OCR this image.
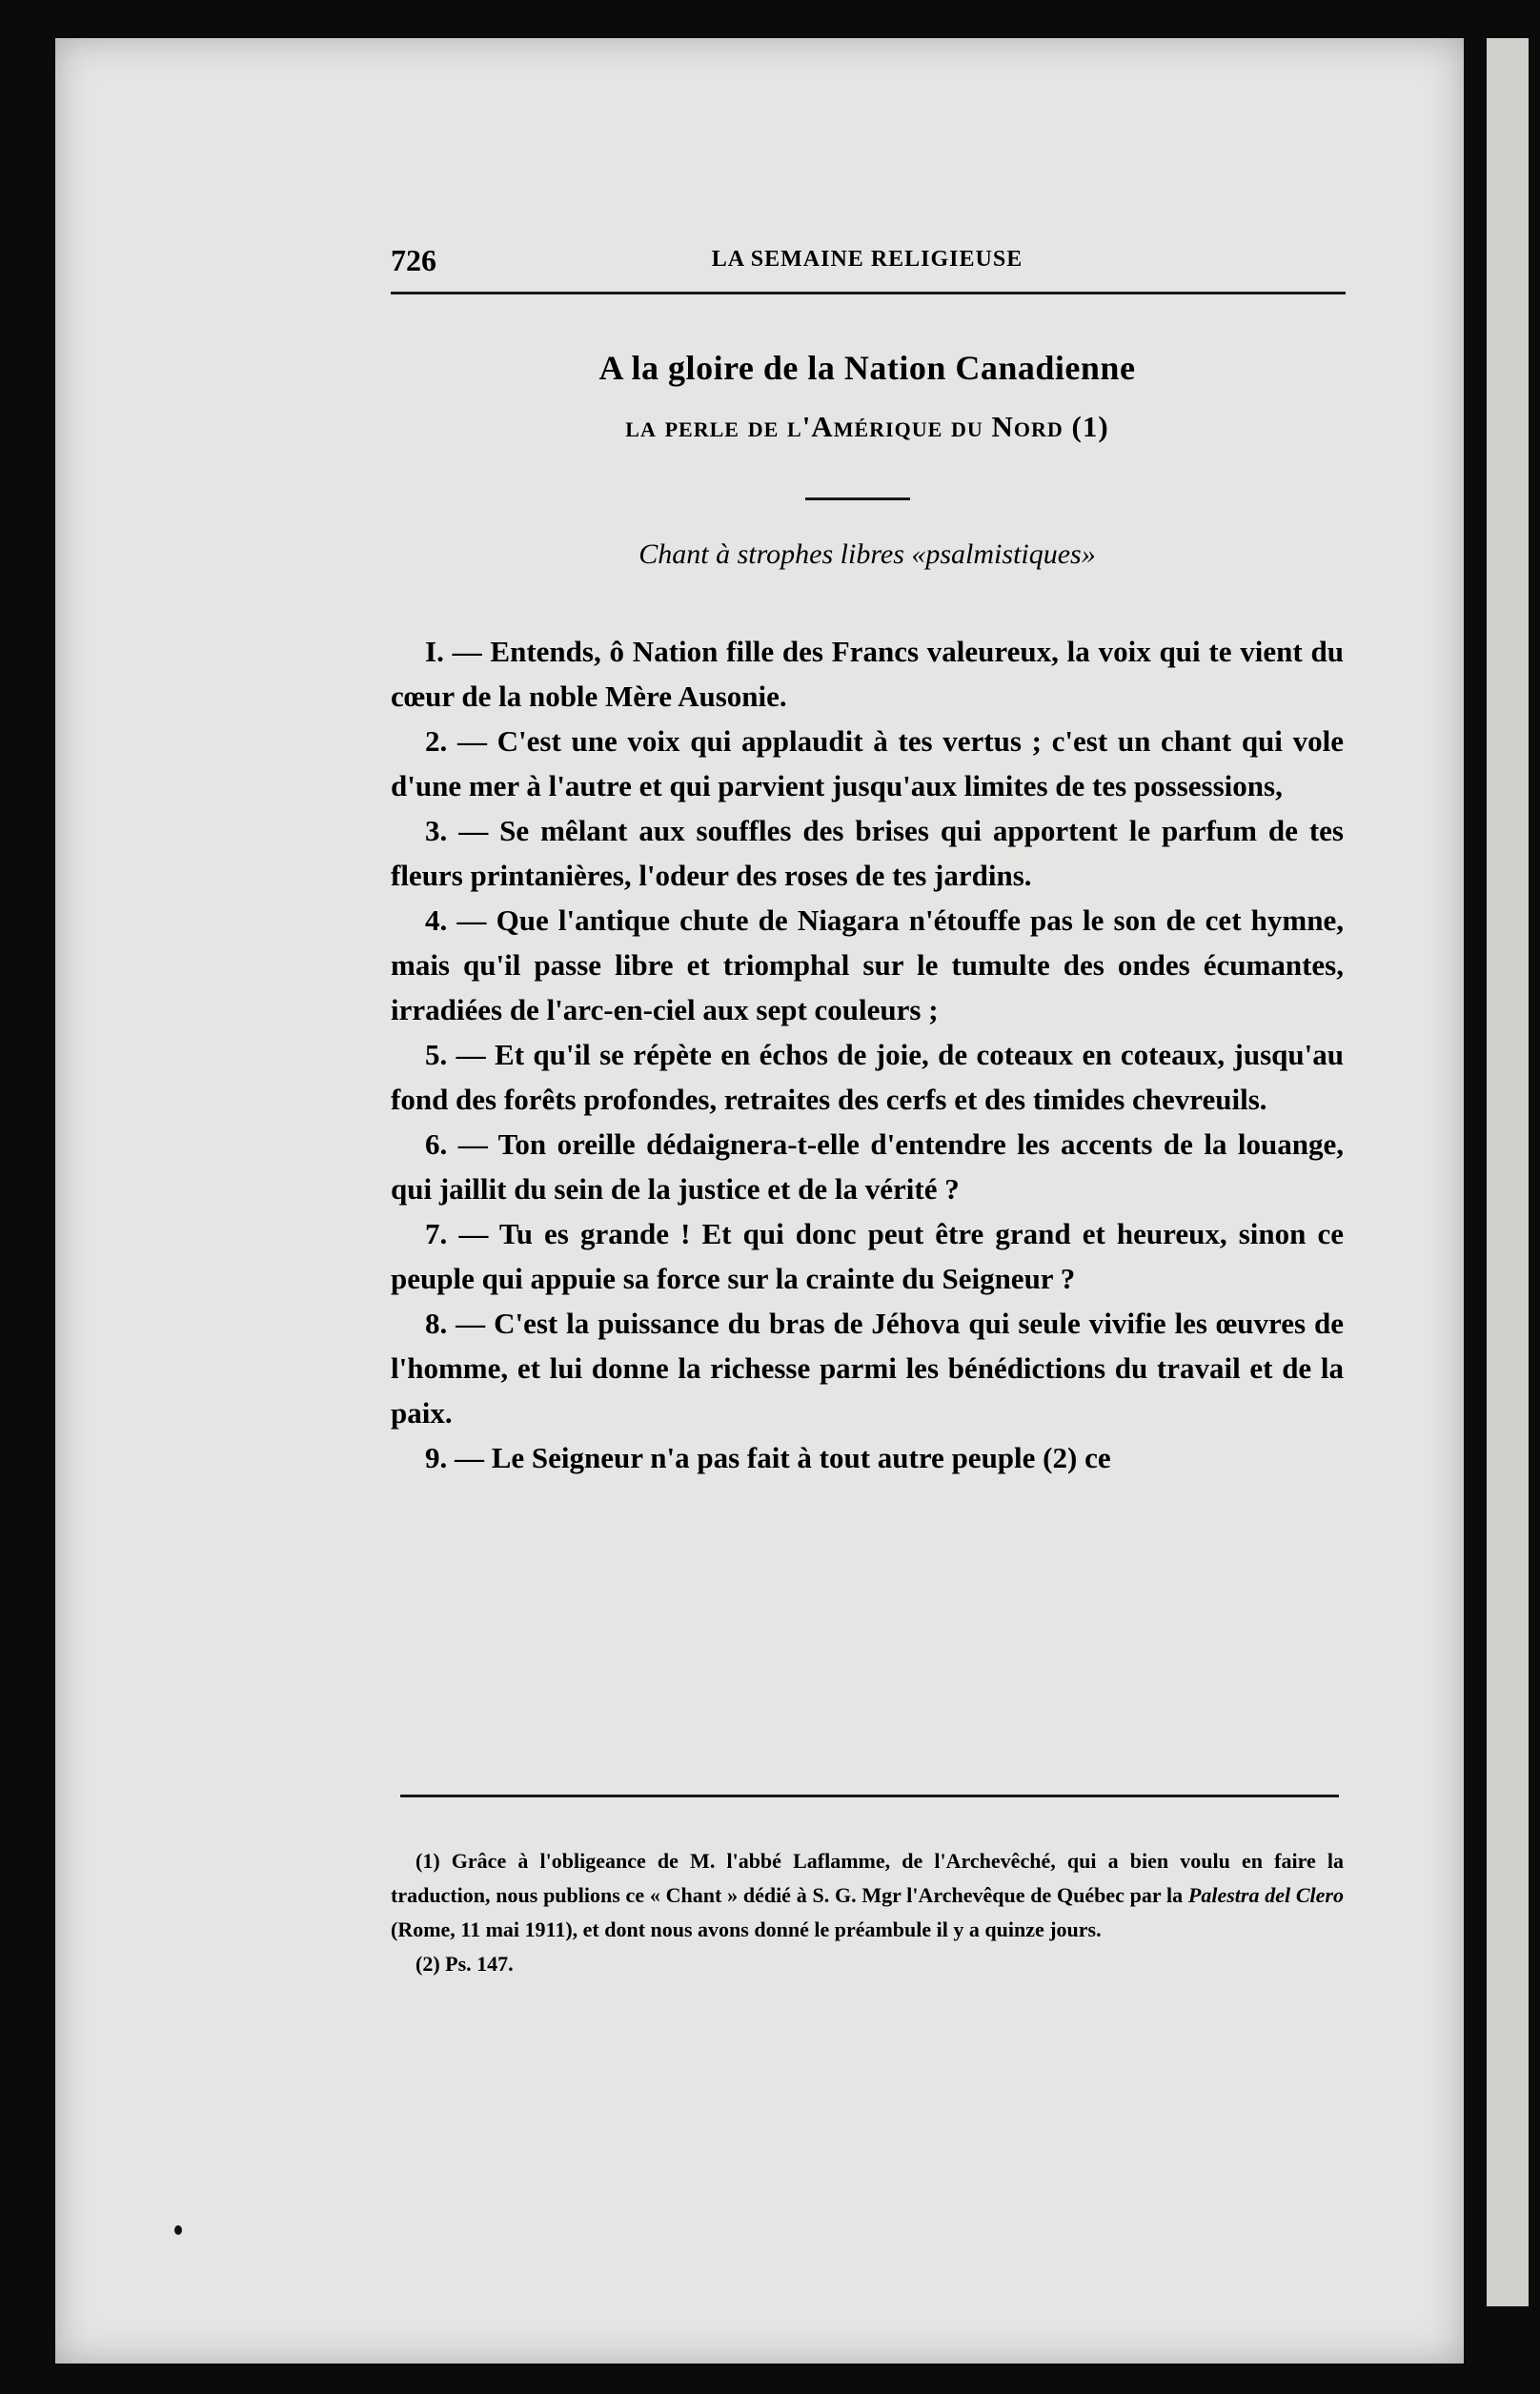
726	LA SEMAINE RELIGIEUSE
A la gloire de la Nation Canadienne
la perle de l'Amérique du Nord (1)
Chant à strophes libres «psalmistiques»

I. — Entends, ô Nation fille des Francs valeureux, la voix qui te vient du cœur de la noble Mère Ausonie.

2. — C'est une voix qui applaudit à tes vertus ; c'est un chant qui vole d'une mer à l'autre et qui parvient jusqu'aux limites de tes possessions,

3. — Se mêlant aux souffles des brises qui apportent le parfum de tes fleurs printanières, l'odeur des roses de tes jardins.

4. — Que l'antique chute de Niagara n'étouffe pas le son de cet hymne, mais qu'il passe libre et triomphal sur le tumulte des ondes écumantes, irradiées de l'arc-en-ciel aux sept couleurs ;

5. — Et qu'il se répète en échos de joie, de coteaux en coteaux, jusqu'au fond des forêts profondes, retraites des cerfs et des timides chevreuils.

6. — Ton oreille dédaignera-t-elle d'entendre les accents de la louange, qui jaillit du sein de la justice et de la vérité ?

7. — Tu es grande ! Et qui donc peut être grand et heureux, sinon ce peuple qui appuie sa force sur la crainte du Seigneur ?

8. — C'est la puissance du bras de Jéhova qui seule vivifie les œuvres de l'homme, et lui donne la richesse parmi les bénédictions du travail et de la paix.

9. — Le Seigneur n'a pas fait à tout autre peuple (2) ce

(1) Grâce à l'obligeance de M. l'abbé Laflamme, de l'Archevêché, qui a bien voulu en faire la traduction, nous publions ce « Chant » dédié à S. G. Mgr l'Archevêque de Québec par la Palestra del Clero (Rome, 11 mai 1911), et dont nous avons donné le préambule il y a quinze jours.

(2) Ps. 147.
